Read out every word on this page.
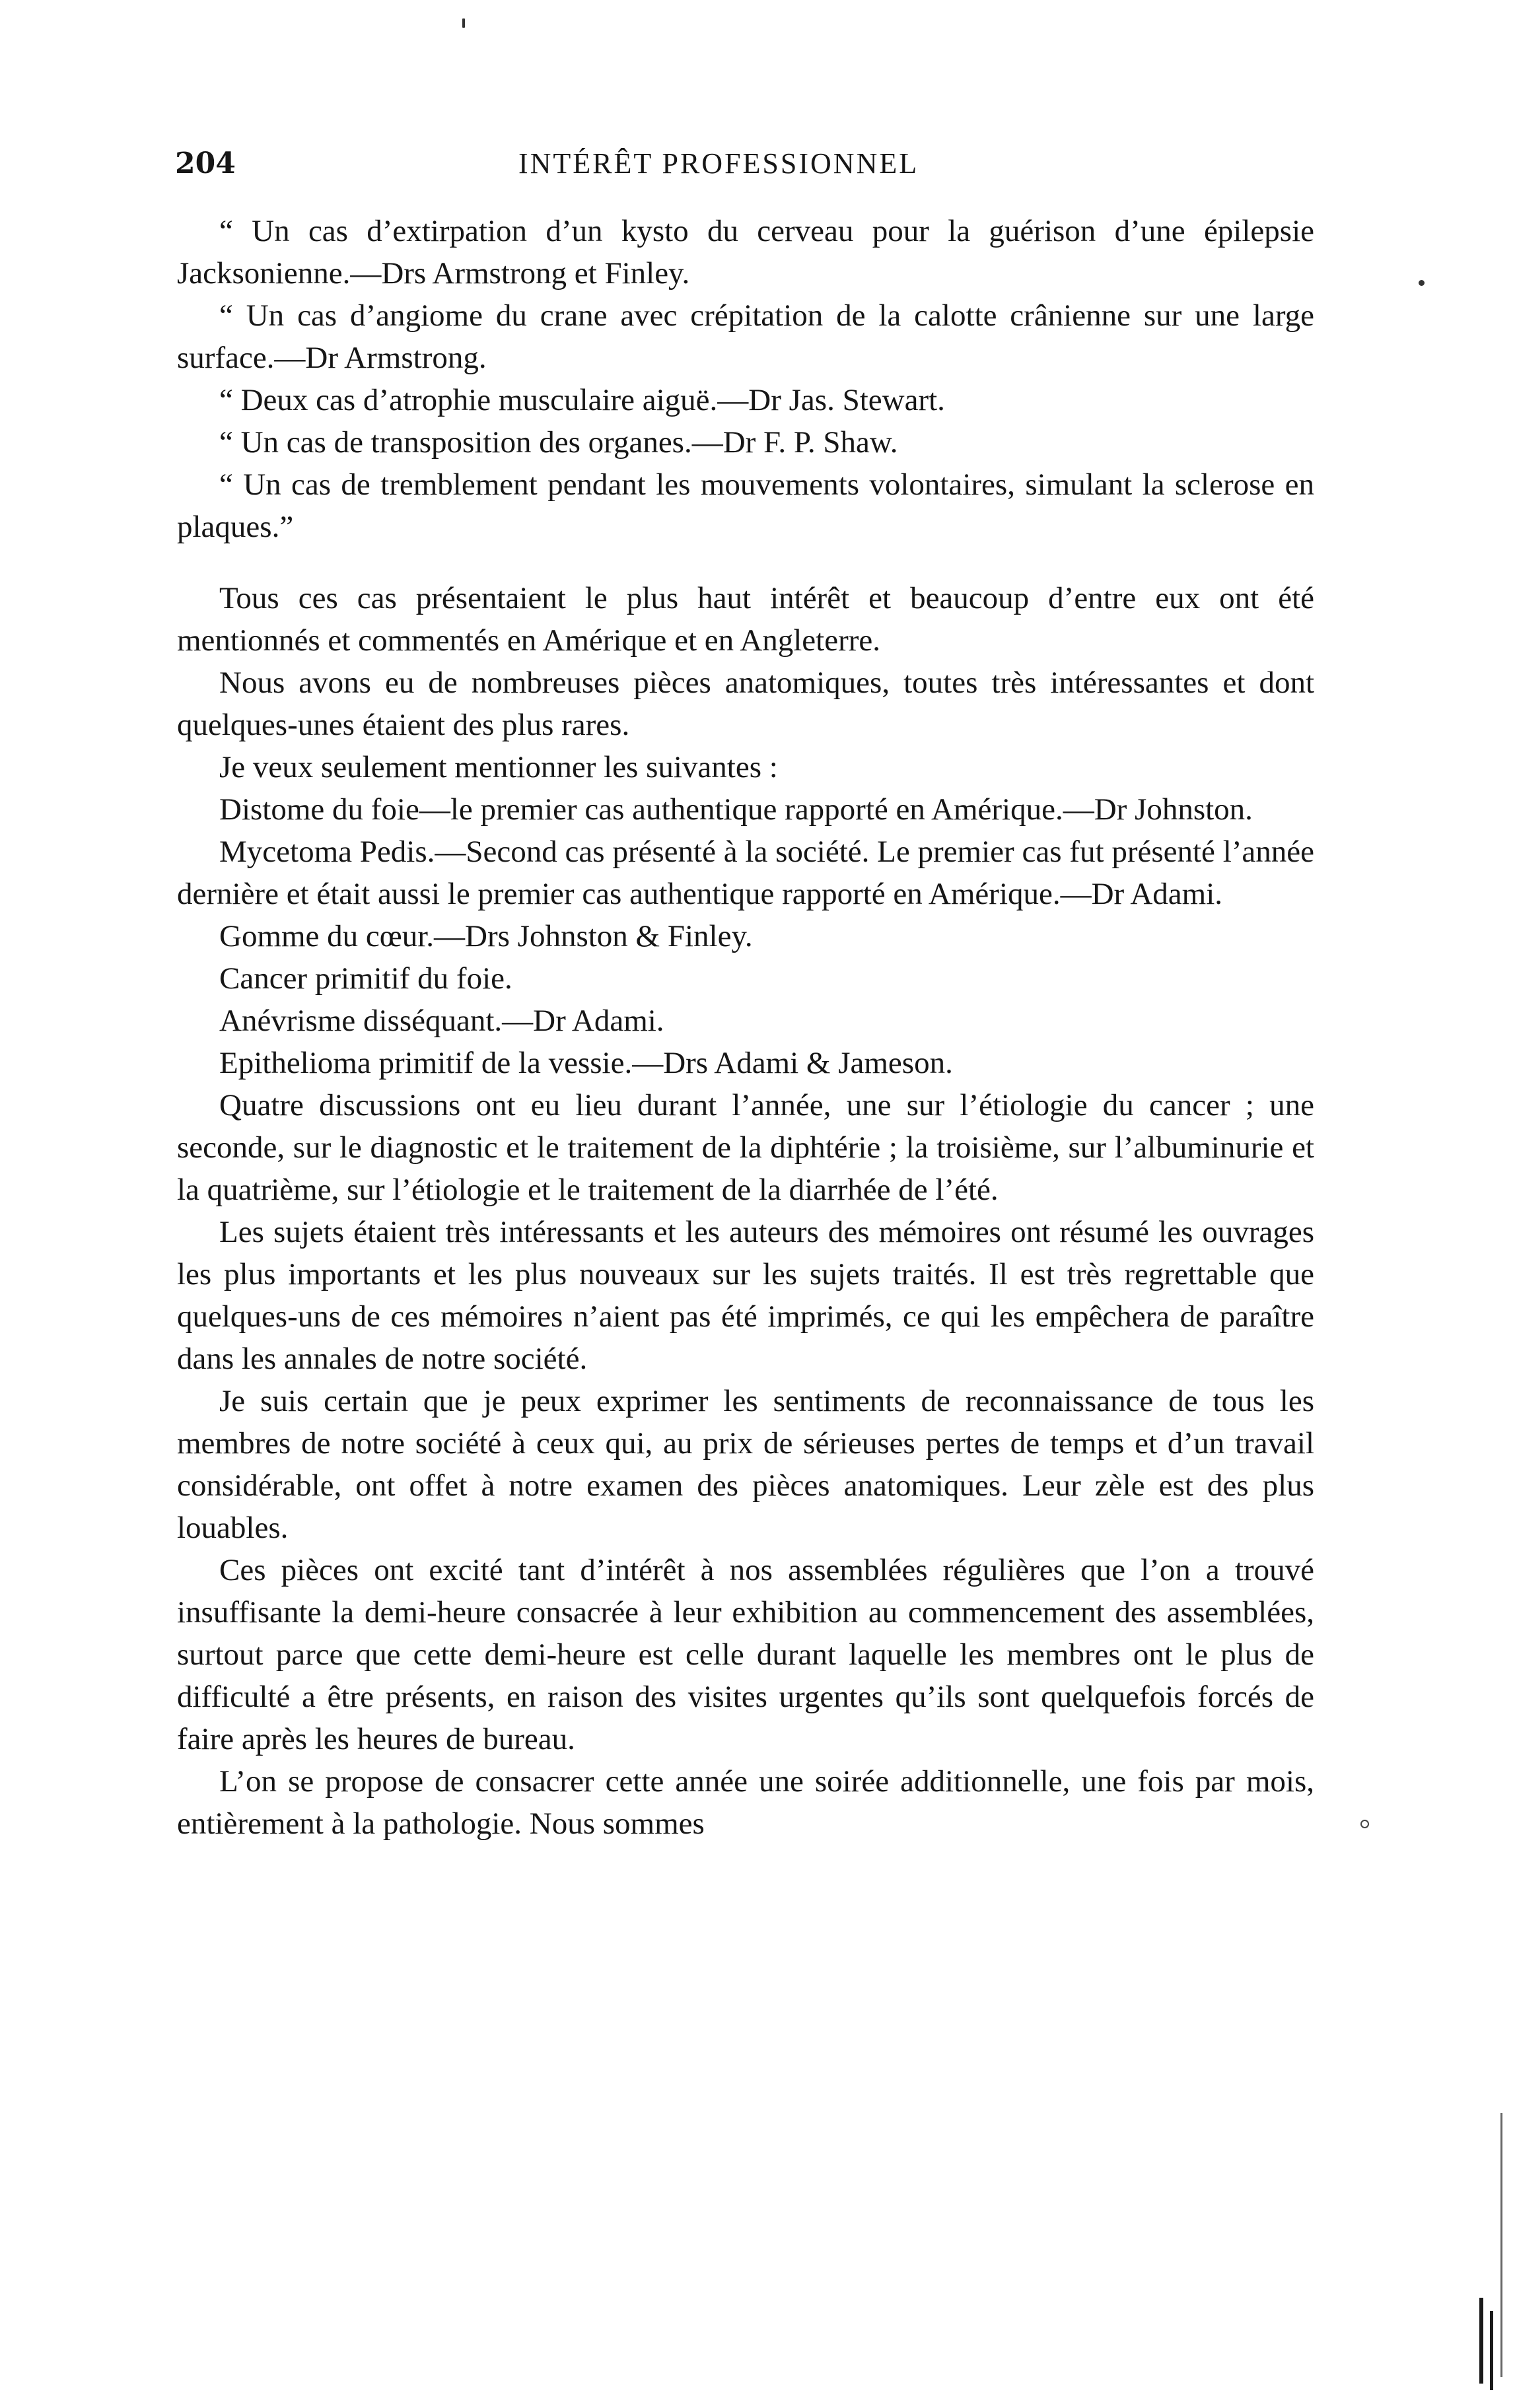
204	INTÉRÊT PROFESSIONNEL

“ Un cas d’extirpation d’un kysto du cerveau pour la guérison d’une épilepsie Jacksonienne.—Drs Armstrong et Finley.

“ Un cas d’angiome du crane avec crépitation de la calotte crânienne sur une large surface.—Dr Armstrong.

“ Deux cas d’atrophie musculaire aiguë.—Dr Jas. Stewart.

“ Un cas de transposition des organes.—Dr F. P. Shaw.

“ Un cas de tremblement pendant les mouvements volontaires, simulant la sclerose en plaques.”

Tous ces cas présentaient le plus haut intérêt et beaucoup d’entre eux ont été mentionnés et commentés en Amérique et en Angleterre.

Nous avons eu de nombreuses pièces anatomiques, toutes très intéressantes et dont quelques-unes étaient des plus rares.

Je veux seulement mentionner les suivantes :

Distome du foie—le premier cas authentique rapporté en Amérique.—Dr Johnston.

Mycetoma Pedis.—Second cas présenté à la société. Le premier cas fut présenté l’année dernière et était aussi le premier cas authentique rapporté en Amérique.—Dr Adami.

Gomme du cœur.—Drs Johnston & Finley.

Cancer primitif du foie.

Anévrisme disséquant.—Dr Adami.

Epithelioma primitif de la vessie.—Drs Adami & Jameson.

Quatre discussions ont eu lieu durant l’année, une sur l’étiologie du cancer ; une seconde, sur le diagnostic et le traitement de la diphtérie ; la troisième, sur l’albuminurie et la quatrième, sur l’étiologie et le traitement de la diarrhée de l’été.

Les sujets étaient très intéressants et les auteurs des mémoires ont résumé les ouvrages les plus importants et les plus nouveaux sur les sujets traités. Il est très regrettable que quelques-uns de ces mémoires n’aient pas été imprimés, ce qui les empêchera de paraître dans les annales de notre société.

Je suis certain que je peux exprimer les sentiments de reconnaissance de tous les membres de notre société à ceux qui, au prix de sérieuses pertes de temps et d’un travail considérable, ont offet à notre examen des pièces anatomiques. Leur zèle est des plus louables.

Ces pièces ont excité tant d’intérêt à nos assemblées régulières que l’on a trouvé insuffisante la demi-heure consacrée à leur exhibition au commencement des assemblées, surtout parce que cette demi-heure est celle durant laquelle les membres ont le plus de difficulté a être présents, en raison des visites urgentes qu’ils sont quelquefois forcés de faire après les heures de bureau.

L’on se propose de consacrer cette année une soirée additionnelle, une fois par mois, entièrement à la pathologie. Nous sommes
